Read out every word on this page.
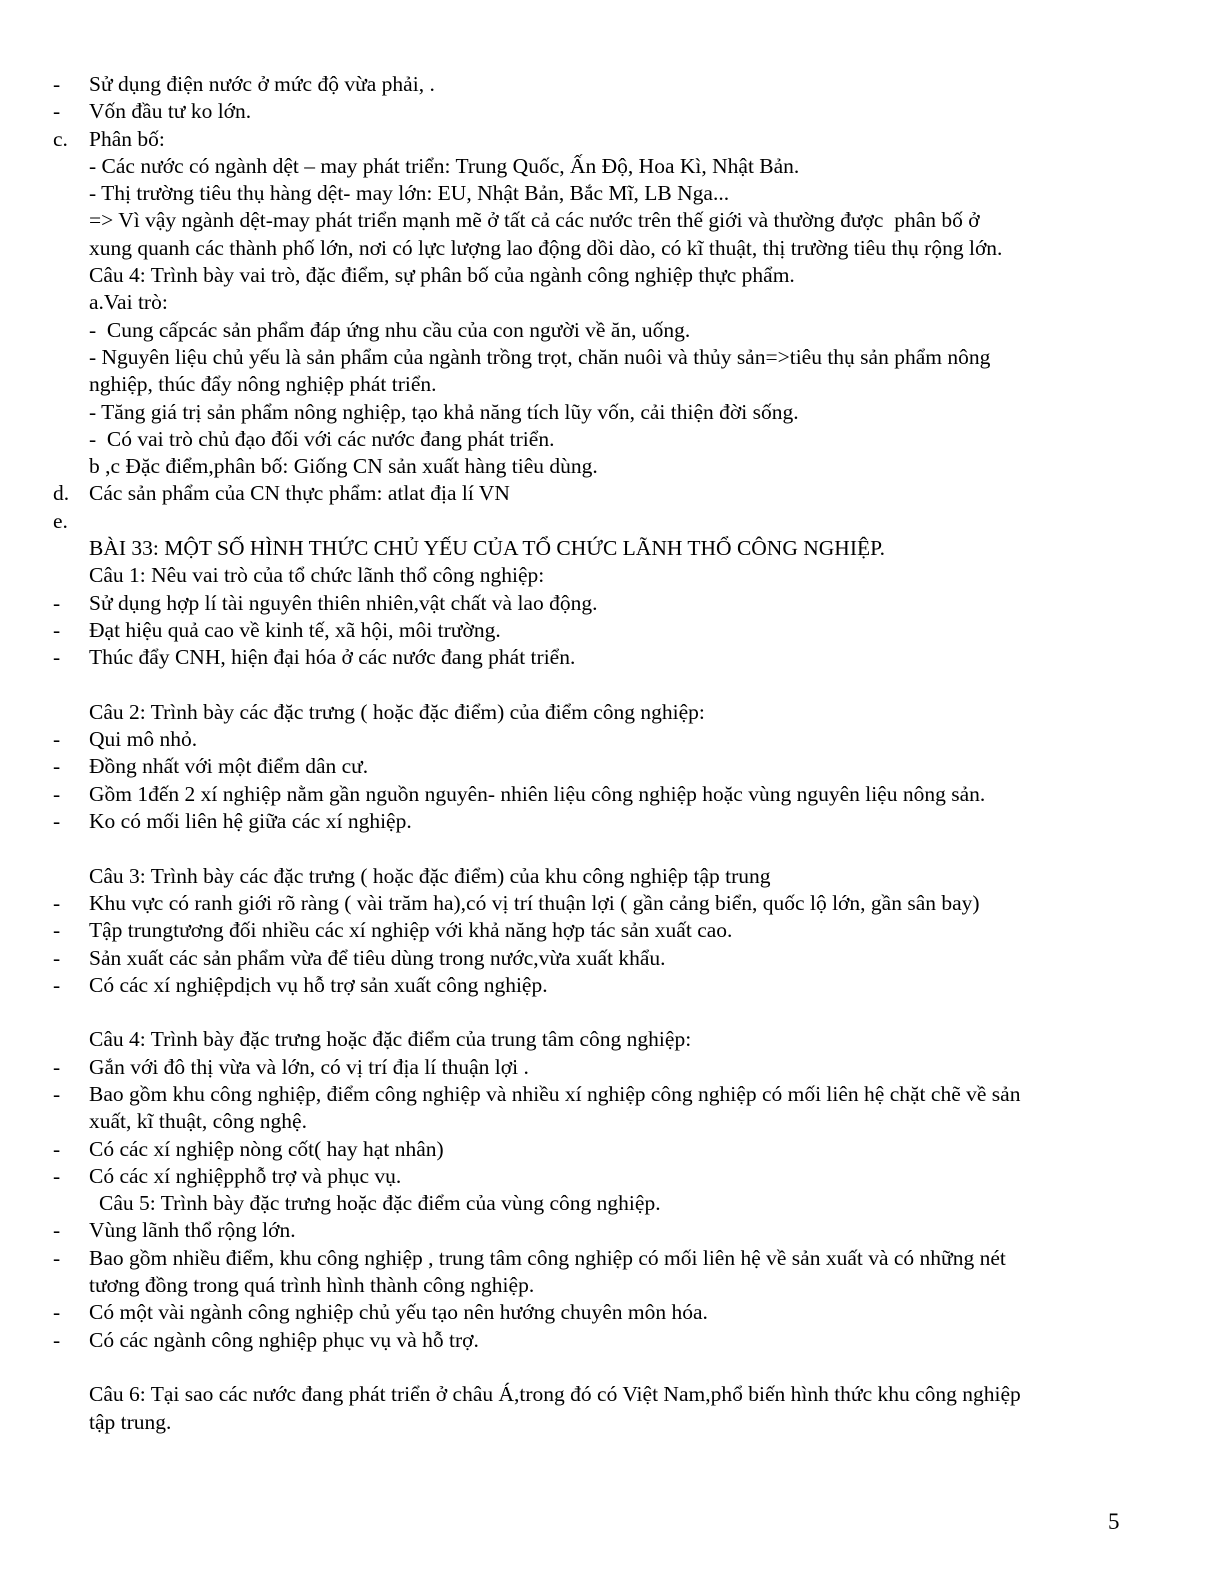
- Sử dụng điện nước ở mức độ vừa phải, .
- Vốn đầu tư ko lớn.
c. Phân bố:
- Các nước có ngành dệt – may phát triển: Trung Quốc, Ấn Độ, Hoa Kì, Nhật Bản.
- Thị trường tiêu thụ hàng dệt- may lớn: EU, Nhật Bản, Bắc Mĩ, LB Nga...
=> Vì vậy ngành dệt-may phát triển mạnh mẽ ở tất cả các nước trên thế giới và thường được  phân bố ở
xung quanh các thành phố lớn, nơi có lực lượng lao động dồi dào, có kĩ thuật, thị trường tiêu thụ rộng lớn.
Câu 4: Trình bày vai trò, đặc điểm, sự phân bố của ngành công nghiệp thực phẩm.
a.Vai trò:
-  Cung cấpcác sản phẩm đáp ứng nhu cầu của con người về ăn, uống.
- Nguyên liệu chủ yếu là sản phẩm của ngành trồng trọt, chăn nuôi và thủy sản=>tiêu thụ sản phẩm nông
nghiệp, thúc đẩy nông nghiệp phát triển.
- Tăng giá trị sản phẩm nông nghiệp, tạo khả năng tích lũy vốn, cải thiện đời sống.
-  Có vai trò chủ đạo đối với các nước đang phát triển.
b ,c Đặc điểm,phân bố: Giống CN sản xuất hàng tiêu dùng.
d. Các sản phẩm của CN thực phẩm: atlat địa lí VN
e.
BÀI 33: MỘT SỐ HÌNH THỨC CHỦ YẾU CỦA TỔ CHỨC LÃNH THỔ CÔNG NGHIỆP.
Câu 1: Nêu vai trò của tổ chức lãnh thổ công nghiệp:
- Sử dụng hợp lí tài nguyên thiên nhiên,vật chất và lao động.
- Đạt hiệu quả cao về kinh tế, xã hội, môi trường.
- Thúc đẩy CNH, hiện đại hóa ở các nước đang phát triển.
Câu 2: Trình bày các đặc trưng ( hoặc đặc điểm) của điểm công nghiệp:
- Qui mô nhỏ.
- Đồng nhất với một điểm dân cư.
- Gồm 1đến 2 xí nghiệp nằm gần nguồn nguyên- nhiên liệu công nghiệp hoặc vùng nguyên liệu nông sản.
- Ko có mối liên hệ giữa các xí nghiệp.
Câu 3: Trình bày các đặc trưng ( hoặc đặc điểm) của khu công nghiệp tập trung
- Khu vực có ranh giới rõ ràng ( vài trăm ha),có vị trí thuận lợi ( gần cảng biển, quốc lộ lớn, gần sân bay)
- Tập trungtương đối nhiều các xí nghiệp với khả năng hợp tác sản xuất cao.
- Sản xuất các sản phẩm vừa để tiêu dùng trong nước,vừa xuất khẩu.
- Có các xí nghiệpdịch vụ hỗ trợ sản xuất công nghiệp.
Câu 4: Trình bày đặc trưng hoặc đặc điểm của trung tâm công nghiệp:
- Gắn với đô thị vừa và lớn, có vị trí địa lí thuận lợi .
- Bao gồm khu công nghiệp, điểm công nghiệp và nhiều xí nghiệp công nghiệp có mối liên hệ chặt chẽ về sản
xuất, kĩ thuật, công nghệ.
- Có các xí nghiệp nòng cốt( hay hạt nhân)
- Có các xí nghiệpphỗ trợ và phục vụ.
Câu 5: Trình bày đặc trưng hoặc đặc điểm của vùng công nghiệp.
- Vùng lãnh thổ rộng lớn.
- Bao gồm nhiều điểm, khu công nghiệp , trung tâm công nghiệp có mối liên hệ về sản xuất và có những nét
tương đồng trong quá trình hình thành công nghiệp.
- Có một vài ngành công nghiệp chủ yếu tạo nên hướng chuyên môn hóa.
- Có các ngành công nghiệp phục vụ và hỗ trợ.
Câu 6: Tại sao các nước đang phát triển ở châu Á,trong đó có Việt Nam,phổ biến hình thức khu công nghiệp
tập trung.
5
